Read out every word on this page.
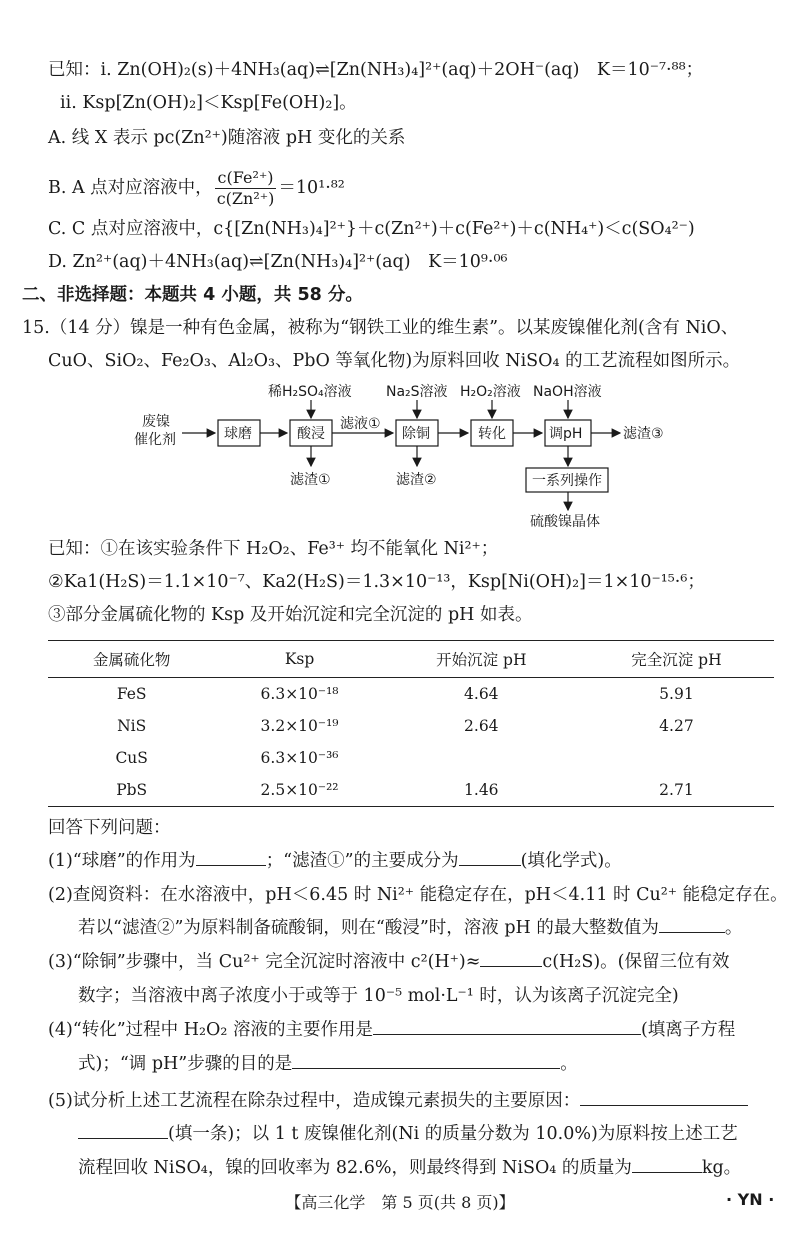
已知：ⅰ. Zn(OH)₂(s)＋4NH₃(aq)⇌[Zn(NH₃)₄]²⁺(aq)＋2OH⁻(aq)　K＝10⁻⁷·⁸⁸；
ⅱ. Ksp[Zn(OH)₂]＜Ksp[Fe(OH)₂]。
A. 线 X 表示 pc(Zn²⁺)随溶液 pH 变化的关系
B. A 点对应溶液中， $\frac{\text{c(Fe²⁺)}}{\text{c(Zn²⁺)}} =10^1\cdot^{82}$
C. C 点对应溶液中，c{[Zn(NH₃)₄]²⁺}＋c(Zn²⁺)＋c(Fe²⁺)＋c(NH₄⁺)＜c(SO₄²⁻)
D. Zn²⁺(aq)＋4NH₃(aq)⇌[Zn(NH₃)₄]²⁺(aq)　K＝10⁹·⁰⁶
二、非选择题：本题共 4 小题，共 58 分。
15.（14 分）镍是一种有色金属，被称为“钢铁工业的维生素”。以某废镍催化剂(含有 NiO、
CuO、SiO₂、Fe₂O₃、Al₂O₃、PbO 等氧化物)为原料回收 NiSO₄ 的工艺流程如图所示。
废镍
催化剂	球磨	酸浸
稀H₂SO₄溶液
滤渣①
滤液①
除铜
Na₂S溶液
滤渣②
转化
H₂O₂溶液
调pH
NaOH溶液
滤渣③
一系列操作
硫酸镍晶体
已知：①在该实验条件下 H₂O₂、Fe³⁺ 均不能氧化 Ni²⁺；
②Ka1(H₂S)＝1.1×10⁻⁷、Ka2(H₂S)＝1.3×10⁻¹³，Ksp[Ni(OH)₂]＝1×10⁻¹⁵·⁶；
③部分金属硫化物的 Ksp 及开始沉淀和完全沉淀的 pH 如表。
金属硫化物	Ksp	开始沉淀 pH	完全沉淀 pH
FeS	6.3×10⁻¹⁸	4.64	5.91
NiS	3.2×10⁻¹⁹	2.64	4.27
CuS	6.3×10⁻³⁶		
PbS	2.5×10⁻²²	1.46	2.71
回答下列问题：
(1)“球磨”的作用为	；“滤渣①”的主要成分为	(填化学式)。
(2)查阅资料：在水溶液中，pH＜6.45 时 Ni²⁺ 能稳定存在，pH＜4.11 时 Cu²⁺ 能稳定存在。
若以“滤渣②”为原料制备硫酸铜，则在“酸浸”时，溶液 pH 的最大整数值为	。
(3)“除铜”步骤中，当 Cu²⁺ 完全沉淀时溶液中 c²(H⁺)≈	c(H₂S)。(保留三位有效
数字；当溶液中离子浓度小于或等于 10⁻⁵ mol·L⁻¹ 时，认为该离子沉淀完全)
(4)“转化”过程中 H₂O₂ 溶液的主要作用是	(填离子方程
式)；“调 pH”步骤的目的是	。
(5)试分析上述工艺流程在除杂过程中，造成镍元素损失的主要原因：
(填一条)；以 1 t 废镍催化剂(Ni 的质量分数为 10.0%)为原料按上述工艺
流程回收 NiSO₄，镍的回收率为 82.6%，则最终得到 NiSO₄ 的质量为	kg。
【高三化学　第 5 页(共 8 页)】	· YN ·
